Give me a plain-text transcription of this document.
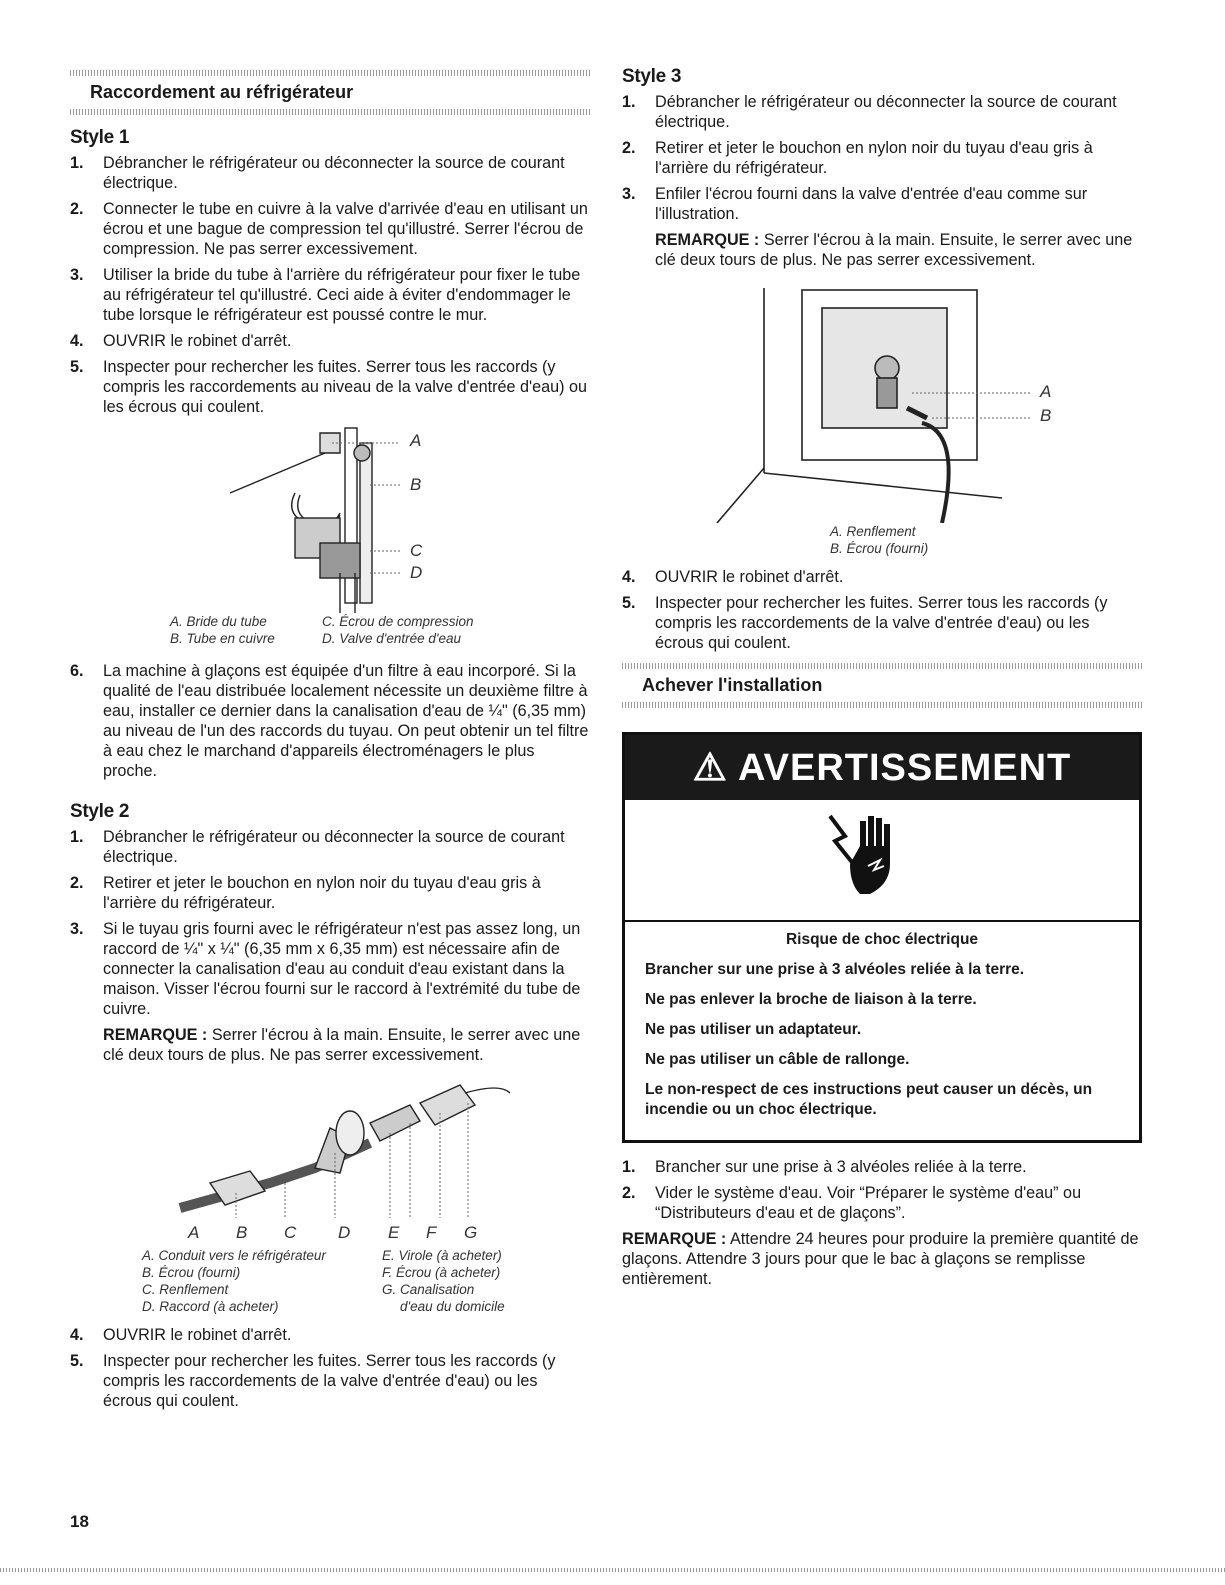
Raccordement au réfrigérateur
Style 1
1.	Débrancher le réfrigérateur ou déconnecter la source de courant électrique.
2.	Connecter le tube en cuivre à la valve d'arrivée d'eau en utilisant un écrou et une bague de compression tel qu'illustré. Serrer l'écrou de compression. Ne pas serrer excessivement.
3.	Utiliser la bride du tube à l'arrière du réfrigérateur pour fixer le tube au réfrigérateur tel qu'illustré. Ceci aide à éviter d'endommager le tube lorsque le réfrigérateur est poussé contre le mur.
4.	OUVRIR le robinet d'arrêt.
5.	Inspecter pour rechercher les fuites. Serrer tous les raccords (y compris les raccordements au niveau de la valve d'entrée d'eau) ou les écrous qui coulent.
A
B
C
D
A. Bride du tube	C. Écrou de compression
B. Tube en cuivre	D. Valve d'entrée d'eau
6.	La machine à glaçons est équipée d'un filtre à eau incorporé. Si la qualité de l'eau distribuée localement nécessite un deuxième filtre à eau, installer ce dernier dans la canalisation d'eau de ¼" (6,35 mm) au niveau de l'un des raccords du tuyau. On peut obtenir un tel filtre à eau chez le marchand d'appareils électroménagers le plus proche.
Style 2
1.	Débrancher le réfrigérateur ou déconnecter la source de courant électrique.
2.	Retirer et jeter le bouchon en nylon noir du tuyau d'eau gris à l'arrière du réfrigérateur.
3.	Si le tuyau gris fourni avec le réfrigérateur n'est pas assez long, un raccord de ¼" x ¼" (6,35 mm x 6,35 mm) est nécessaire afin de connecter la canalisation d'eau au conduit d'eau existant dans la maison. Visser l'écrou fourni sur le raccord à l'extrémité du tube de cuivre.

REMARQUE : Serrer l'écrou à la main. Ensuite, le serrer avec une clé deux tours de plus. Ne pas serrer excessivement.

A	B	C	D	E	F	G
A. Conduit vers le réfrigérateur	E. Virole (à acheter)
B. Écrou (fourni)	F. Écrou (à acheter)
C. Renflement	G. Canalisation
D. Raccord (à acheter)	d'eau du domicile
4.	OUVRIR le robinet d'arrêt.
5.	Inspecter pour rechercher les fuites. Serrer tous les raccords (y compris les raccordements de la valve d'entrée d'eau) ou les écrous qui coulent.
Style 3
1.	Débrancher le réfrigérateur ou déconnecter la source de courant électrique.
2.	Retirer et jeter le bouchon en nylon noir du tuyau d'eau gris à l'arrière du réfrigérateur.
3.	Enfiler l'écrou fourni dans la valve d'entrée d'eau comme sur l'illustration.

REMARQUE : Serrer l'écrou à la main. Ensuite, le serrer avec une clé deux tours de plus. Ne pas serrer excessivement.

A
B
A. Renflement
B. Écrou (fourni)
4.	OUVRIR le robinet d'arrêt.
5.	Inspecter pour rechercher les fuites. Serrer tous les raccords (y compris les raccordements de la valve d'entrée d'eau) ou les écrous qui coulent.
Achever l'installation
⚠ AVERTISSEMENT

Risque de choc électrique

Brancher sur une prise à 3 alvéoles reliée à la terre.

Ne pas enlever la broche de liaison à la terre.

Ne pas utiliser un adaptateur.

Ne pas utiliser un câble de rallonge.

Le non-respect de ces instructions peut causer un décès, un incendie ou un choc électrique.

1.	Brancher sur une prise à 3 alvéoles reliée à la terre.
2.	Vider le système d'eau. Voir “Préparer le système d'eau” ou “Distributeurs d'eau et de glaçons”.

REMARQUE : Attendre 24 heures pour produire la première quantité de glaçons. Attendre 3 jours pour que le bac à glaçons se remplisse entièrement.

18
